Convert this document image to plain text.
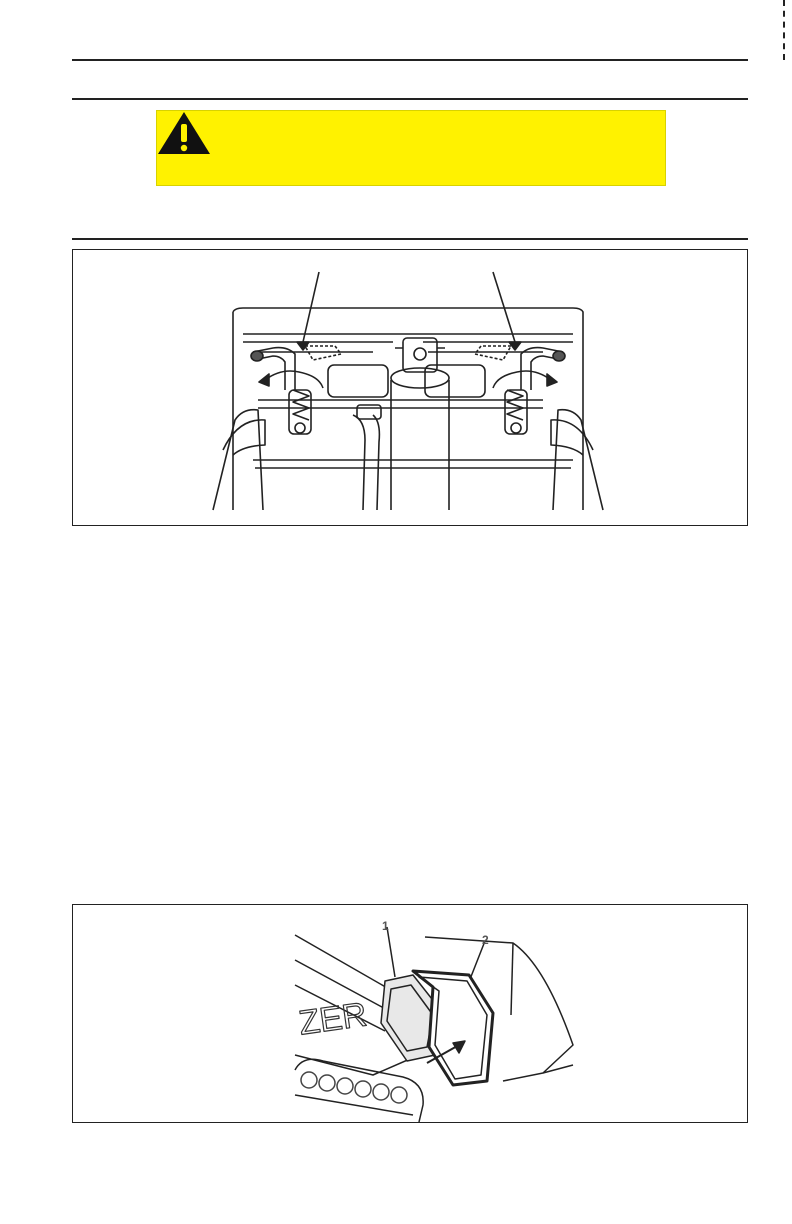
ZER
1
2
